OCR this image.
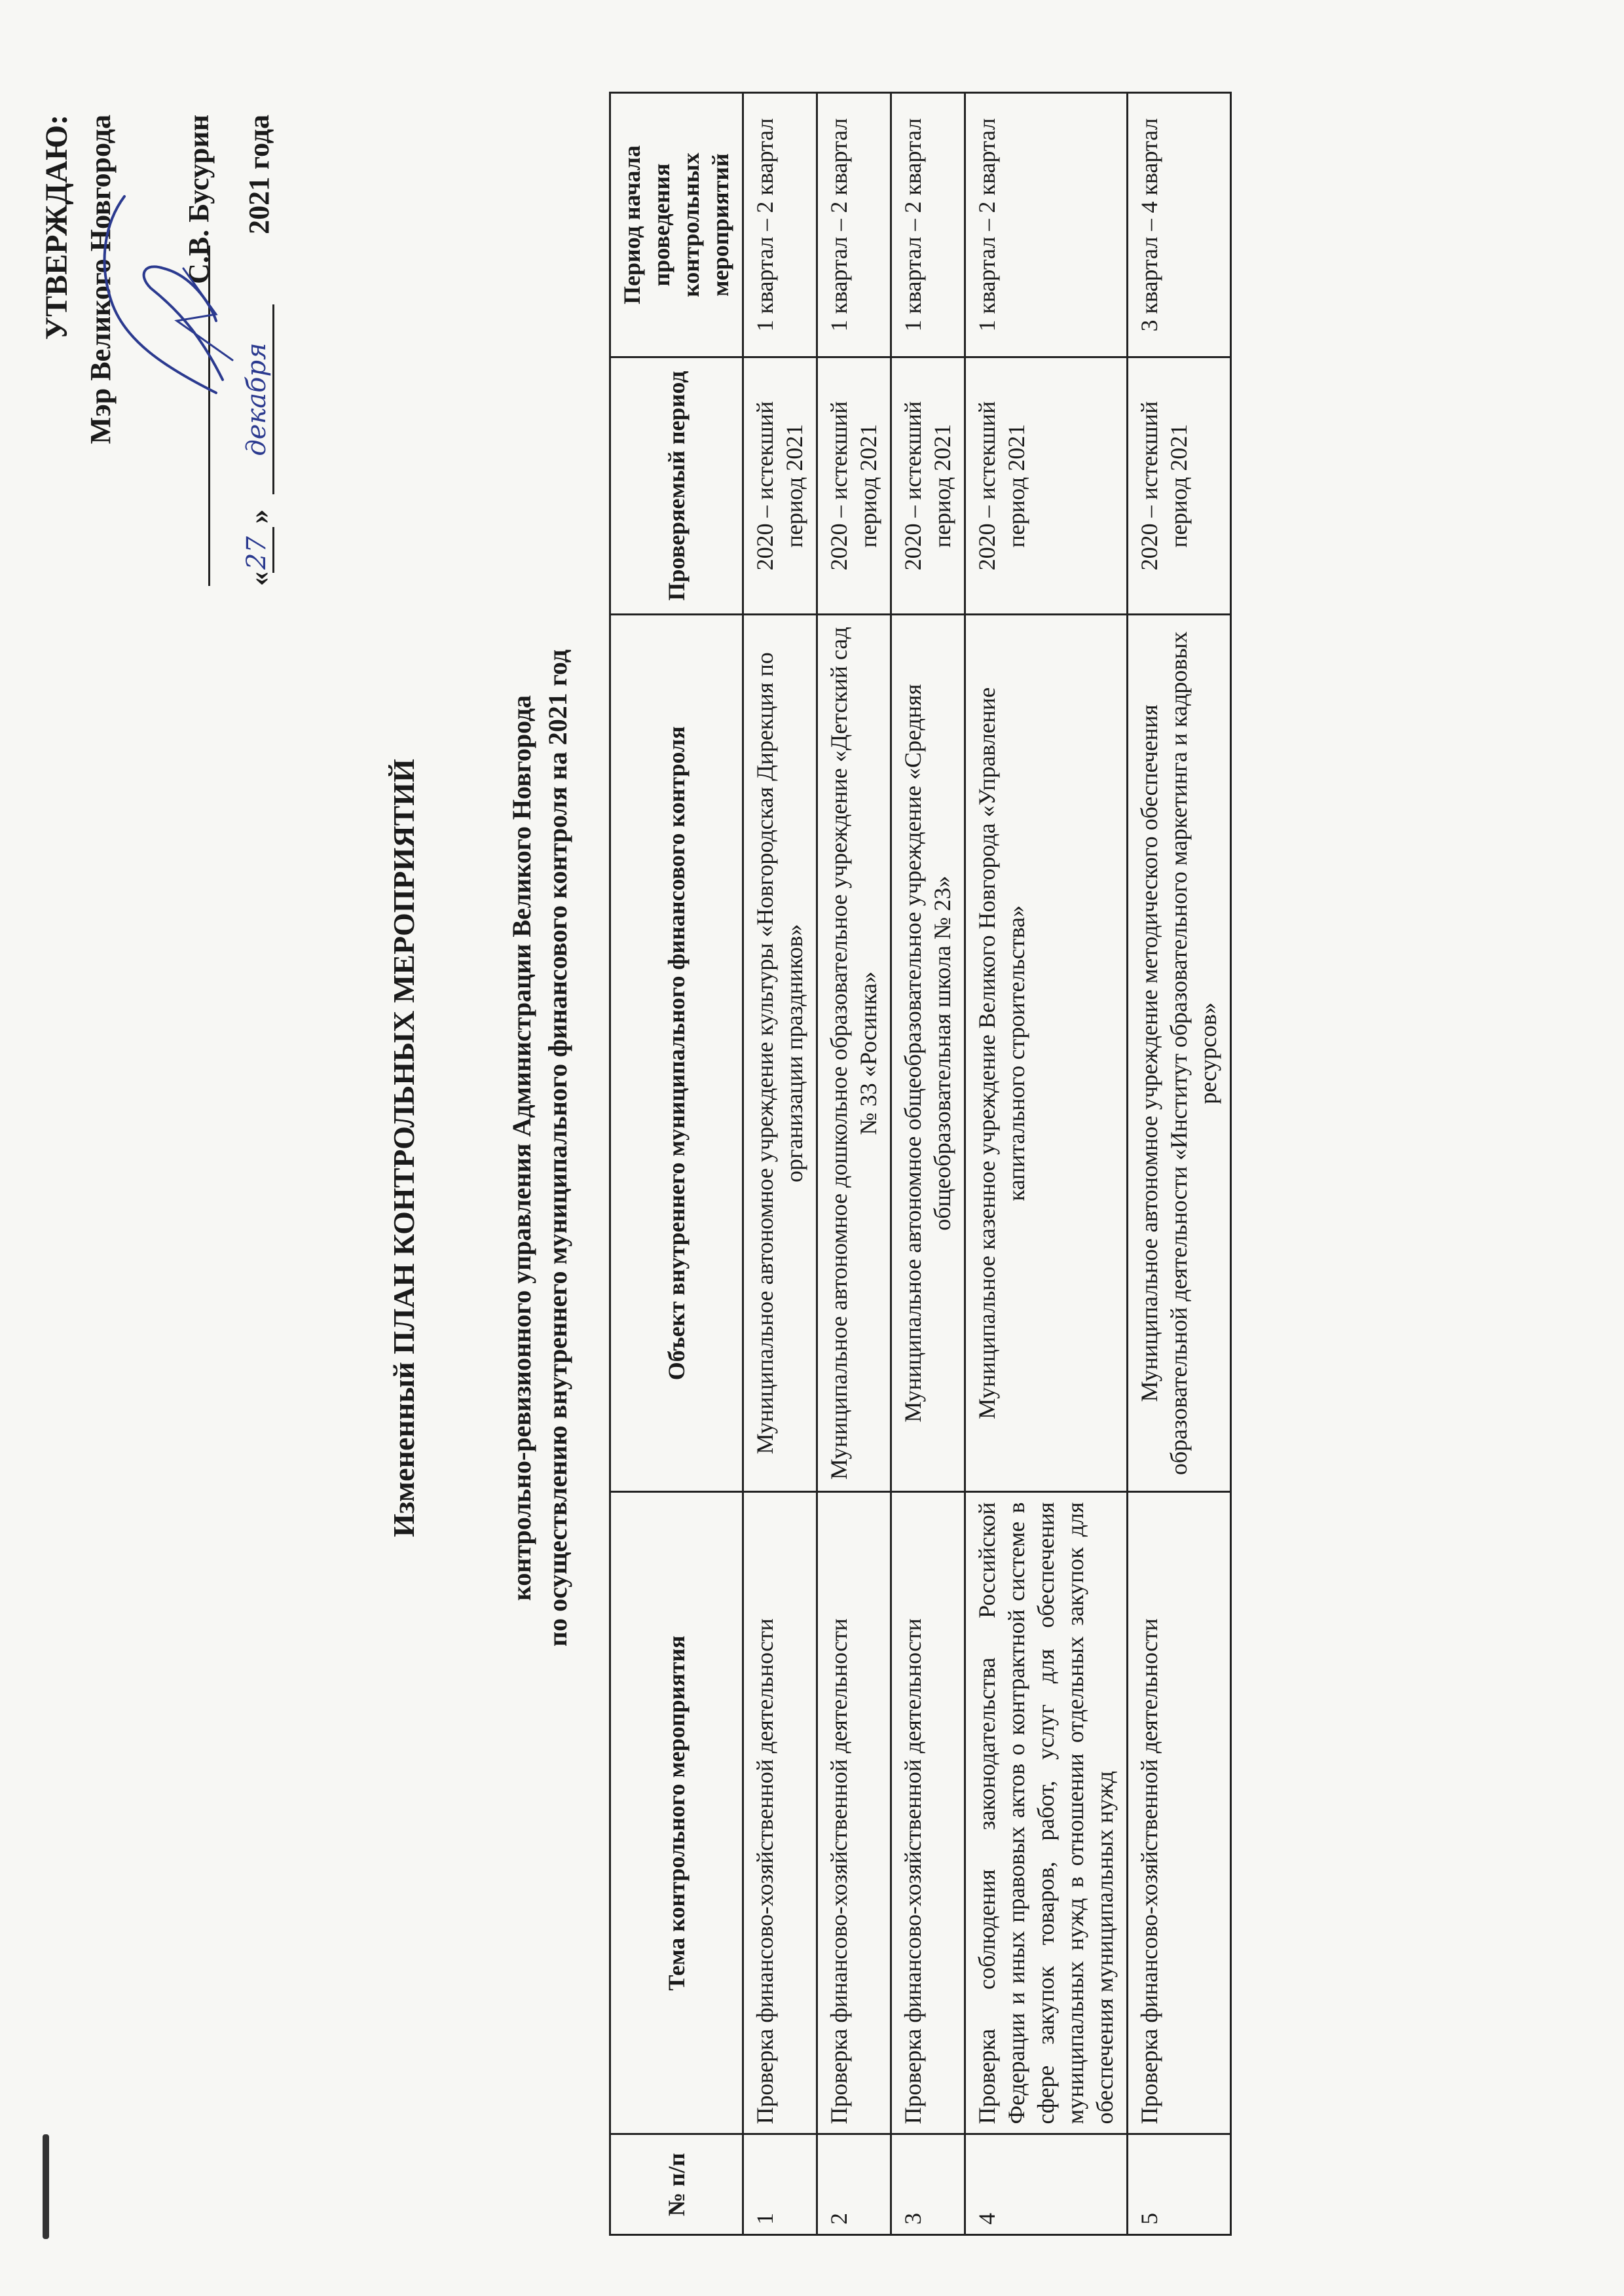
УТВЕРЖДАЮ: Мэр Великого Новгорода С.В. Бусурин
«
27
»
декабря
2021 года
Измененный ПЛАН КОНТРОЛЬНЫХ МЕРОПРИЯТИЙ	контрольно-ревизионного управления Администрации Великого Новгорода по осуществлению внутреннего муниципального финансового контроля на 2021 год
№ п/п	Тема контрольного мероприятия	Объект внутреннего муниципального финансового контроля	Проверяемый период	Период начала проведения контрольных мероприятий
1	Проверка финансово-хозяйственной деятельности	Муниципальное автономное учреждение культуры «Новгородская Дирекция по организации праздников»	2020 – истекший период 2021	1 квартал – 2 квартал
2	Проверка финансово-хозяйственной деятельности	Муниципальное автономное дошкольное образовательное учреждение «Детский сад № 33 «Росинка»	2020 – истекший период 2021	1 квартал – 2 квартал
3	Проверка финансово-хозяйственной деятельности	Муниципальное автономное общеобразовательное учреждение «Средняя общеобразовательная школа № 23»	2020 – истекший период 2021	1 квартал – 2 квартал
4	Проверка соблюдения законодательства Российской Федерации и иных правовых актов о контрактной системе в сфере закупок товаров, работ, услуг для обеспечения муниципальных нужд в отношении отдельных закупок для обеспечения муниципальных нужд	Муниципальное казенное учреждение Великого Новгорода «Управление капитального строительства»	2020 – истекший период 2021	1 квартал – 2 квартал
5	Проверка финансово-хозяйственной деятельности	Муниципальное автономное учреждение методического обеспечения образовательной деятельности «Институт образовательного маркетинга и кадровых ресурсов»	2020 – истекший период 2021	3 квартал – 4 квартал
